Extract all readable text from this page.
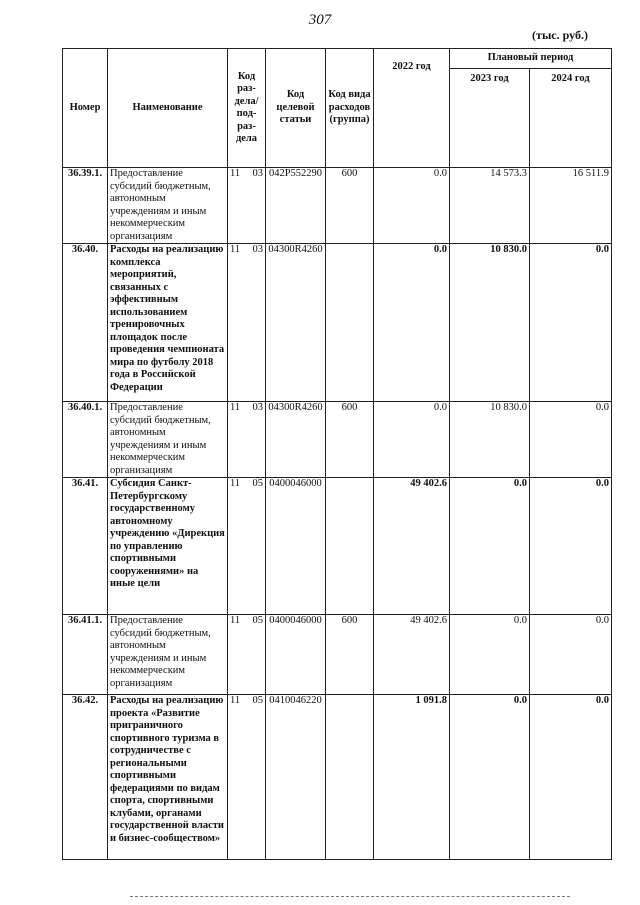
307
(тыс. руб.)
Номер	Наименование	Код раз-дела/ под-раз-дела	Код целевой статьи	Код вида расходов (группа)	2022 год	Плановый период	
						2023 год	2024 год
36.39.1.	Предоставление субсидий бюджетным, автономным учреждениям и иным некоммерческим организациям	11 03	042P552290	600	0.0	14 573.3	16 511.9
36.40.	Расходы на реализацию комплекса мероприятий, связанных с эффективным использованием тренировочных площадок после проведения чемпионата мира по футболу 2018 года в Российской Федерации	11 03	04300R4260		0.0	10 830.0	0.0
36.40.1.	Предоставление субсидий бюджетным, автономным учреждениям и иным некоммерческим организациям	11 03	04300R4260	600	0.0	10 830.0	0.0
36.41.	Субсидия Санкт-Петербургскому государственному автономному учреждению «Дирекция по управлению спортивными сооружениями» на иные цели	11 05	0400046000		49 402.6	0.0	0.0
36.41.1.	Предоставление субсидий бюджетным, автономным учреждениям и иным некоммерческим организациям	11 05	0400046000	600	49 402.6	0.0	0.0
36.42.	Расходы на реализацию проекта «Развитие приграничного спортивного туризма в сотрудничестве с региональными спортивными федерациями по видам спорта, спортивными клубами, органами государственной власти и бизнес-сообществом»	11 05	0410046220		1 091.8	0.0	0.0
